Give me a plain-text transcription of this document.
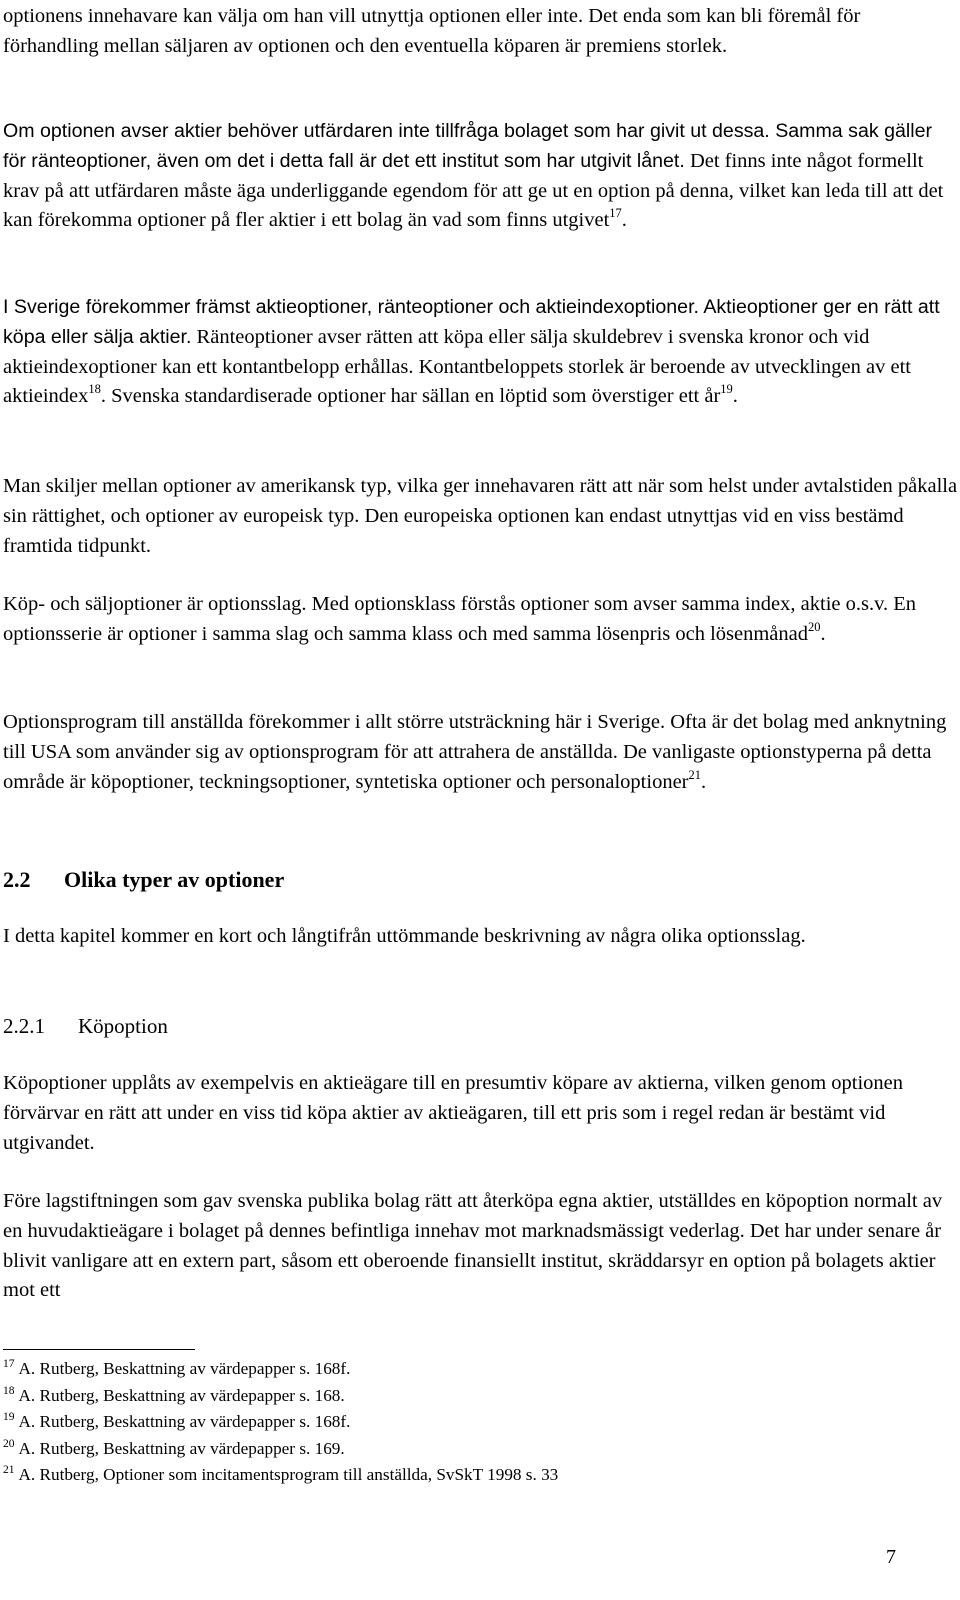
optionens innehavare kan välja om han vill utnyttja optionen eller inte. Det enda som kan bli föremål för förhandling mellan säljaren av optionen och den eventuella köparen är premiens storlek.

Om optionen avser aktier behöver utfärdaren inte tillfråga bolaget som har givit ut dessa. Samma sak gäller för ränteoptioner, även om det i detta fall är det ett institut som har utgivit lånet. Det finns inte något formellt krav på att utfärdaren måste äga underliggande egendom för att ge ut en option på denna, vilket kan leda till att det kan förekomma optioner på fler aktier i ett bolag än vad som finns utgivet$^{17}$.

I Sverige förekommer främst aktieoptioner, ränteoptioner och aktieindexoptioner. Aktieoptioner ger en rätt att köpa eller sälja aktier. Ränteoptioner avser rätten att köpa eller sälja skuldebrev i svenska kronor och vid aktieindexoptioner kan ett kontantbelopp erhållas. Kontantbeloppets storlek är beroende av utvecklingen av ett aktieindex$^{18}$. Svenska standardiserade optioner har sällan en löptid som överstiger ett $år^{19}$.

Man skiljer mellan optioner av amerikansk typ, vilka ger innehavaren rätt att när som helst under avtalstiden påkalla sin rättighet, och optioner av europeisk typ. Den europeiska optionen kan endast utnyttjas vid en viss bestämd framtida tidpunkt.

Köp- och säljoptioner är optionsslag. Med optionsklass förstås optioner som avser samma index, aktie o.s.v. En optionsserie är optioner i samma slag och samma klass och med samma lösenpris och lösenmånad$^{20}$.

Optionsprogram till anställda förekommer i allt större utsträckning här i Sverige. Ofta är det bolag med anknytning till USA som använder sig av optionsprogram för att attrahera de anställda. De vanligaste optionstyperna på detta område är köpoptioner, teckningsoptioner, syntetiska optioner och personaloptioner$^{21}$.

2.2 Olika typer av optioner

I detta kapitel kommer en kort och långtifrån uttömmande beskrivning av några olika optionsslag.

2.2.1 Köpoption

Köpoptioner upplåts av exempelvis en aktieägare till en presumtiv köpare av aktierna, vilken genom optionen förvärvar en rätt att under en viss tid köpa aktier av aktieägaren, till ett pris som i regel redan är bestämt vid utgivandet.

Före lagstiftningen som gav svenska publika bolag rätt att återköpa egna aktier, utställdes en köpoption normalt av en huvudaktieägare i bolaget på dennes befintliga innehav mot marknadsmässigt vederlag. Det har under senare år blivit vanligare att en extern part, såsom ett oberoende finansiellt institut, skräddarsyr en option på bolagets aktier mot ett

$^{17}$ A. Rutberg, Beskattning av värdepapper s. 168f.
$^{18}$ A. Rutberg, Beskattning av värdepapper s. 168.
$^{19}$ A. Rutberg, Beskattning av värdepapper s. 168f.
$^{20}$ A. Rutberg, Beskattning av värdepapper s. 169.
$^{21}$ A. Rutberg, Optioner som incitamentsprogram till anställda, SvSkT 1998 s. 33
7
